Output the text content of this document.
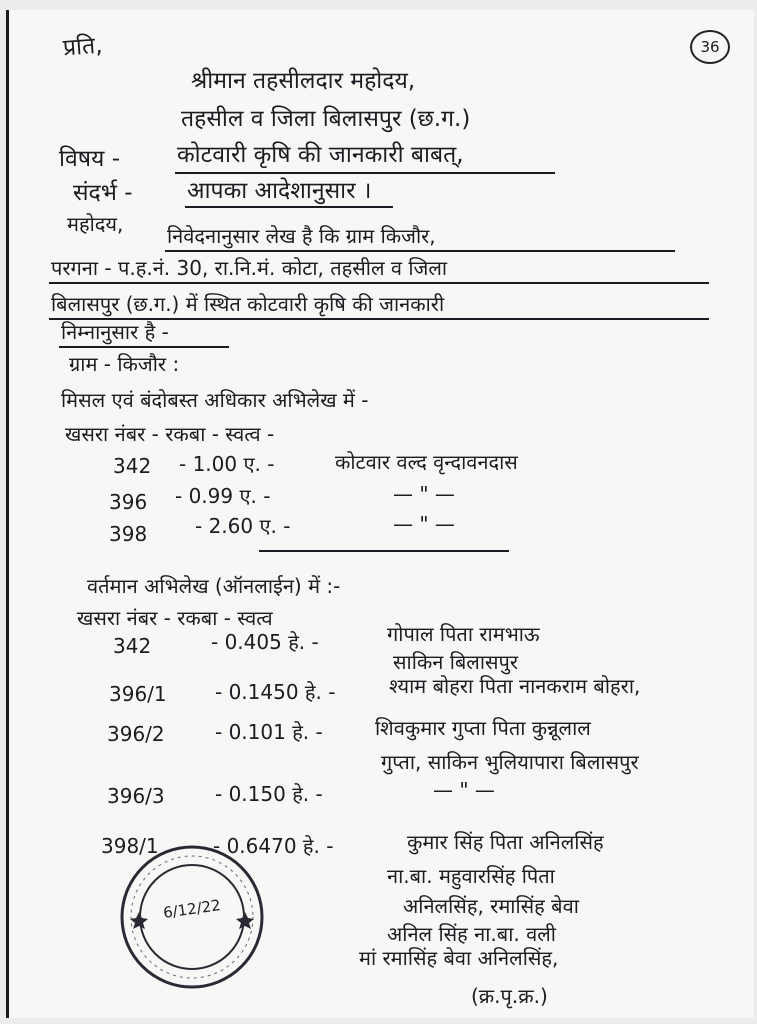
प्रति,	36
श्रीमान तहसीलदार महोदय,
तहसील व जिला बिलासपुर (छ.ग.)
विषय - कोटवारी कृषि की जानकारी बाबत्,
संदर्भ - आपका आदेशानुसार ।
महोदय, निवेदनानुसार लेख है कि ग्राम किजौर,
परगना - प.ह.नं. 30, रा.नि.मं. कोटा, तहसील व जिला
बिलासपुर (छ.ग.) में स्थित कोटवारी कृषि की जानकारी
निम्नानुसार है -
ग्राम - किजौर :
मिसल एवं बंदोबस्त अधिकार अभिलेख में -
खसरा नंबर - रकबा - स्वत्व -
342 - 1.00 ए. -	कोटवार वल्द वृन्दावनदास
396 - 0.99 ए. -	— " —
398 - 2.60 ए. -	— " —
वर्तमान अभिलेख (ऑनलाईन) में :-
खसरा नंबर - रकबा - स्वत्व
342	- 0.405 हे. -	गोपाल पिता रामभाऊ
साकिन बिलासपुर
396/1 - 0.1450 हे. -	श्याम बोहरा पिता नानकराम बोहरा,
396/2	- 0.101 हे. -	शिवकुमार गुप्ता पिता कुन्नूलाल
गुप्ता, साकिन भुलियापारा बिलासपुर
396/3	- 0.150 हे. -	— " —
398/1	- 0.6470 हे. -	कुमार सिंह पिता अनिलसिंह
ना.बा. महुवारसिंह पिता
अनिलसिंह, रमासिंह बेवा
अनिल सिंह ना.बा. वली
मां रमासिंह बेवा अनिलसिंह,
6/12/22
(क्र.पृ.क्र.)
